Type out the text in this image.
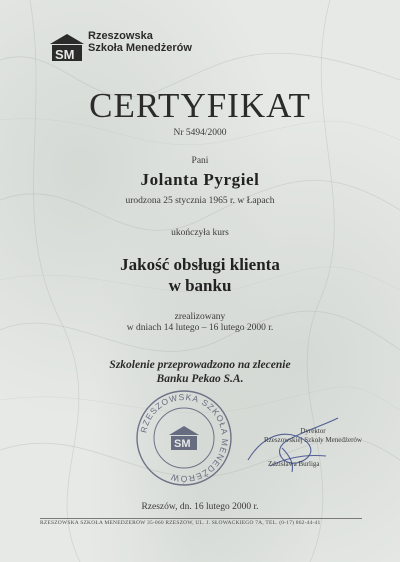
SM
Rzeszowska
Szkoła Menedżerów
CERTYFIKAT
Nr 5494/2000
Pani
Jolanta Pyrgiel
urodzona 25 stycznia 1965 r. w Łapach
ukończyła kurs
Jakość obsługi klienta
w banku
zrealizowany
w dniach 14 lutego – 16 lutego 2000 r.
Szkolenie przeprowadzono na zlecenie
Banku Pekao S.A.
RZESZOWSKA SZKOŁA MENEDŻERÓW
SM
Dyrektor
Rzeszowskiej Szkoły Menedżerów
Zdzisława Burliga
Rzeszów, dn. 16 lutego 2000 r.
RZESZOWSKA SZKOŁA MENEDŻERÓW 35-060 RZESZÓW, UL. J. SŁOWACKIEGO 7A, TEL. (0-17) 862-44-41
